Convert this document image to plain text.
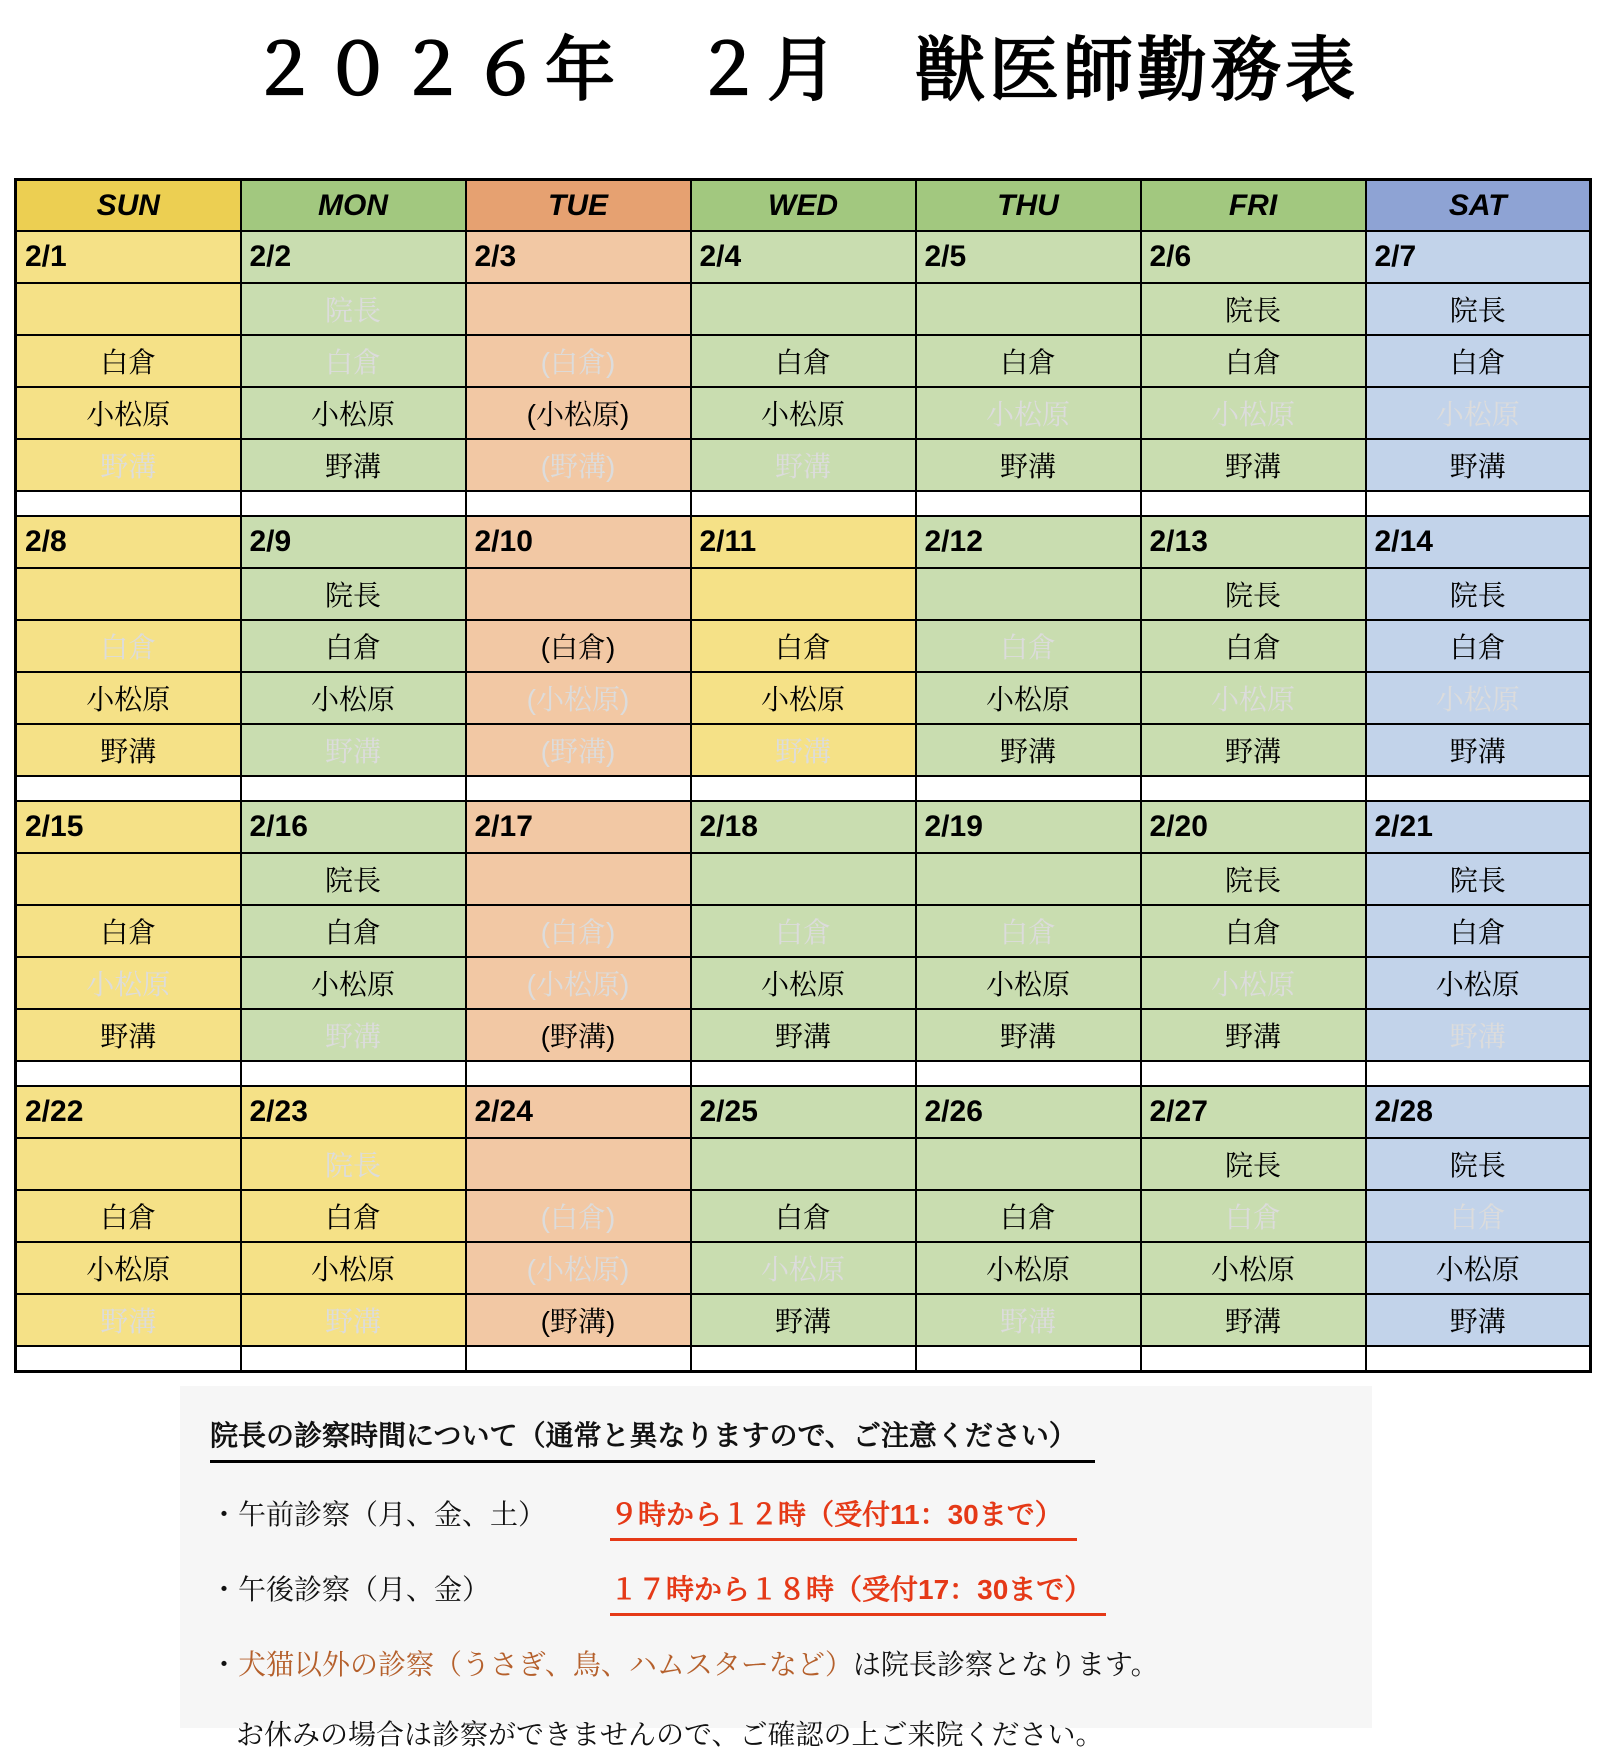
２０２６年　２月　獣医師勤務表
SUN	MON	TUE	WED	THU	FRI	SAT
2/1	2/2	2/3	2/4	2/5	2/6	2/7
	院長				院長	院長
白倉	白倉	(白倉)	白倉	白倉	白倉	白倉
小松原	小松原	(小松原)	小松原	小松原	小松原	小松原
野溝	野溝	(野溝)	野溝	野溝	野溝	野溝

2/8	2/9	2/10	2/11	2/12	2/13	2/14
	院長				院長	院長
白倉	白倉	(白倉)	白倉	白倉	白倉	白倉
小松原	小松原	(小松原)	小松原	小松原	小松原	小松原
野溝	野溝	(野溝)	野溝	野溝	野溝	野溝

2/15	2/16	2/17	2/18	2/19	2/20	2/21
	院長				院長	院長
白倉	白倉	(白倉)	白倉	白倉	白倉	白倉
小松原	小松原	(小松原)	小松原	小松原	小松原	小松原
野溝	野溝	(野溝)	野溝	野溝	野溝	野溝

2/22	2/23	2/24	2/25	2/26	2/27	2/28
	院長				院長	院長
白倉	白倉	(白倉)	白倉	白倉	白倉	白倉
小松原	小松原	(小松原)	小松原	小松原	小松原	小松原
野溝	野溝	(野溝)	野溝	野溝	野溝	野溝

院長の診察時間について（通常と異なりますので、ご注意ください）
・午前診察（月、金、土）	９時から１２時（受付11：30まで）
・午後診察（月、金）	１７時から１８時（受付17：30まで）
・犬猫以外の診察（うさぎ、鳥、ハムスターなど）は院長診察となります。
お休みの場合は診察ができませんので、ご確認の上ご来院ください。
